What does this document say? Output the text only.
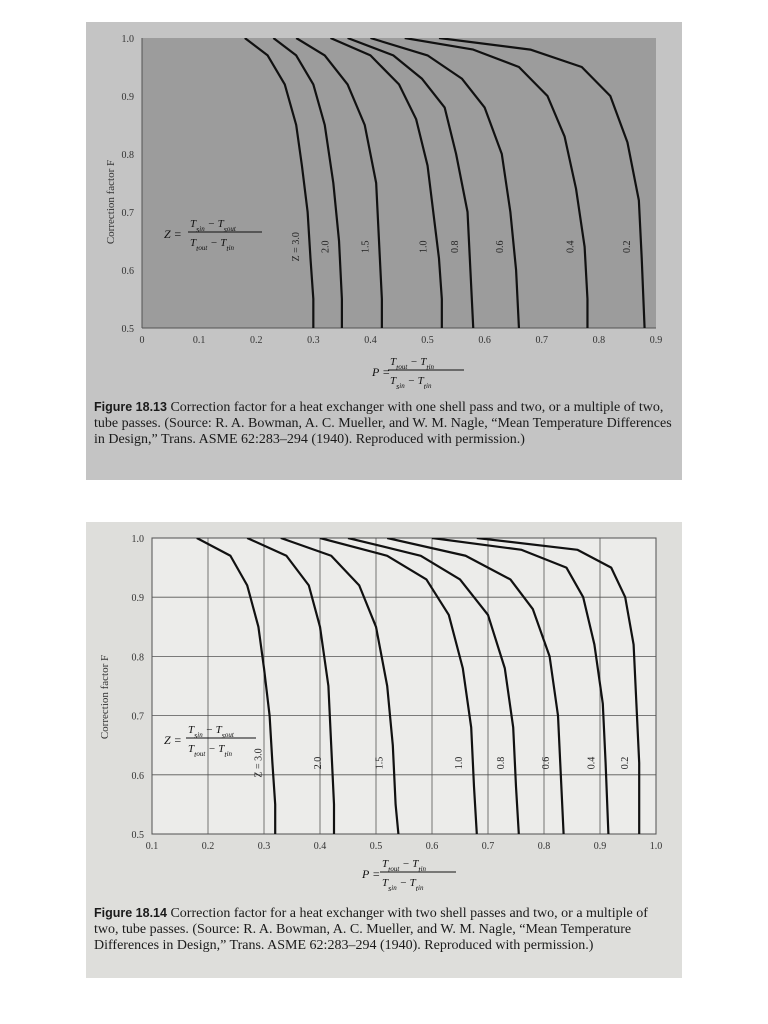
0	0.1	0.2	0.3	0.4	0.5	0.6	0.7	0.8	0.9
0.5
0.6
0.7
0.8
0.9
1.0
Z = 3.0 2.0	1.5	1.0 0.8	0.6	0.4	0.2
Correction factor F	Z =
$T_{sin} - T_{sout}$
$T_{tout} - T_{tin}$
P =
$T_{tout} - T_{tin}$
$T_{sin} - T_{tin}$
Figure 18.13 Correction factor for a heat exchanger with one shell pass and two, or a multiple of two, tube passes. (Source: R. A. Bowman, A. C. Mueller, and W. M. Nagle, “Mean Temperature Differences in Design,” Trans. ASME 62:283–294 (1940). Reproduced with permission.)
0.1	0.2	0.3	0.4	0.5	0.6	0.7	0.8	0.9	1.0
0.5
0.6
0.7
0.8
0.9
1.0
Z = 3.0	2.0	1.5	1.0	0.8	0.6	0.4 0.2
Correction factor F
Z =
$T_{sin} - T_{sout}$
$T_{tout} - T_{tin}$
P =
$T_{tout} - T_{tin}$
$T_{sin} - T_{tin}$
Figure 18.14 Correction factor for a heat exchanger with two shell passes and two, or a multiple of two, tube passes. (Source: R. A. Bowman, A. C. Mueller, and W. M. Nagle, “Mean Temperature Differences in Design,” Trans. ASME 62:283–294 (1940). Reproduced with permission.)
